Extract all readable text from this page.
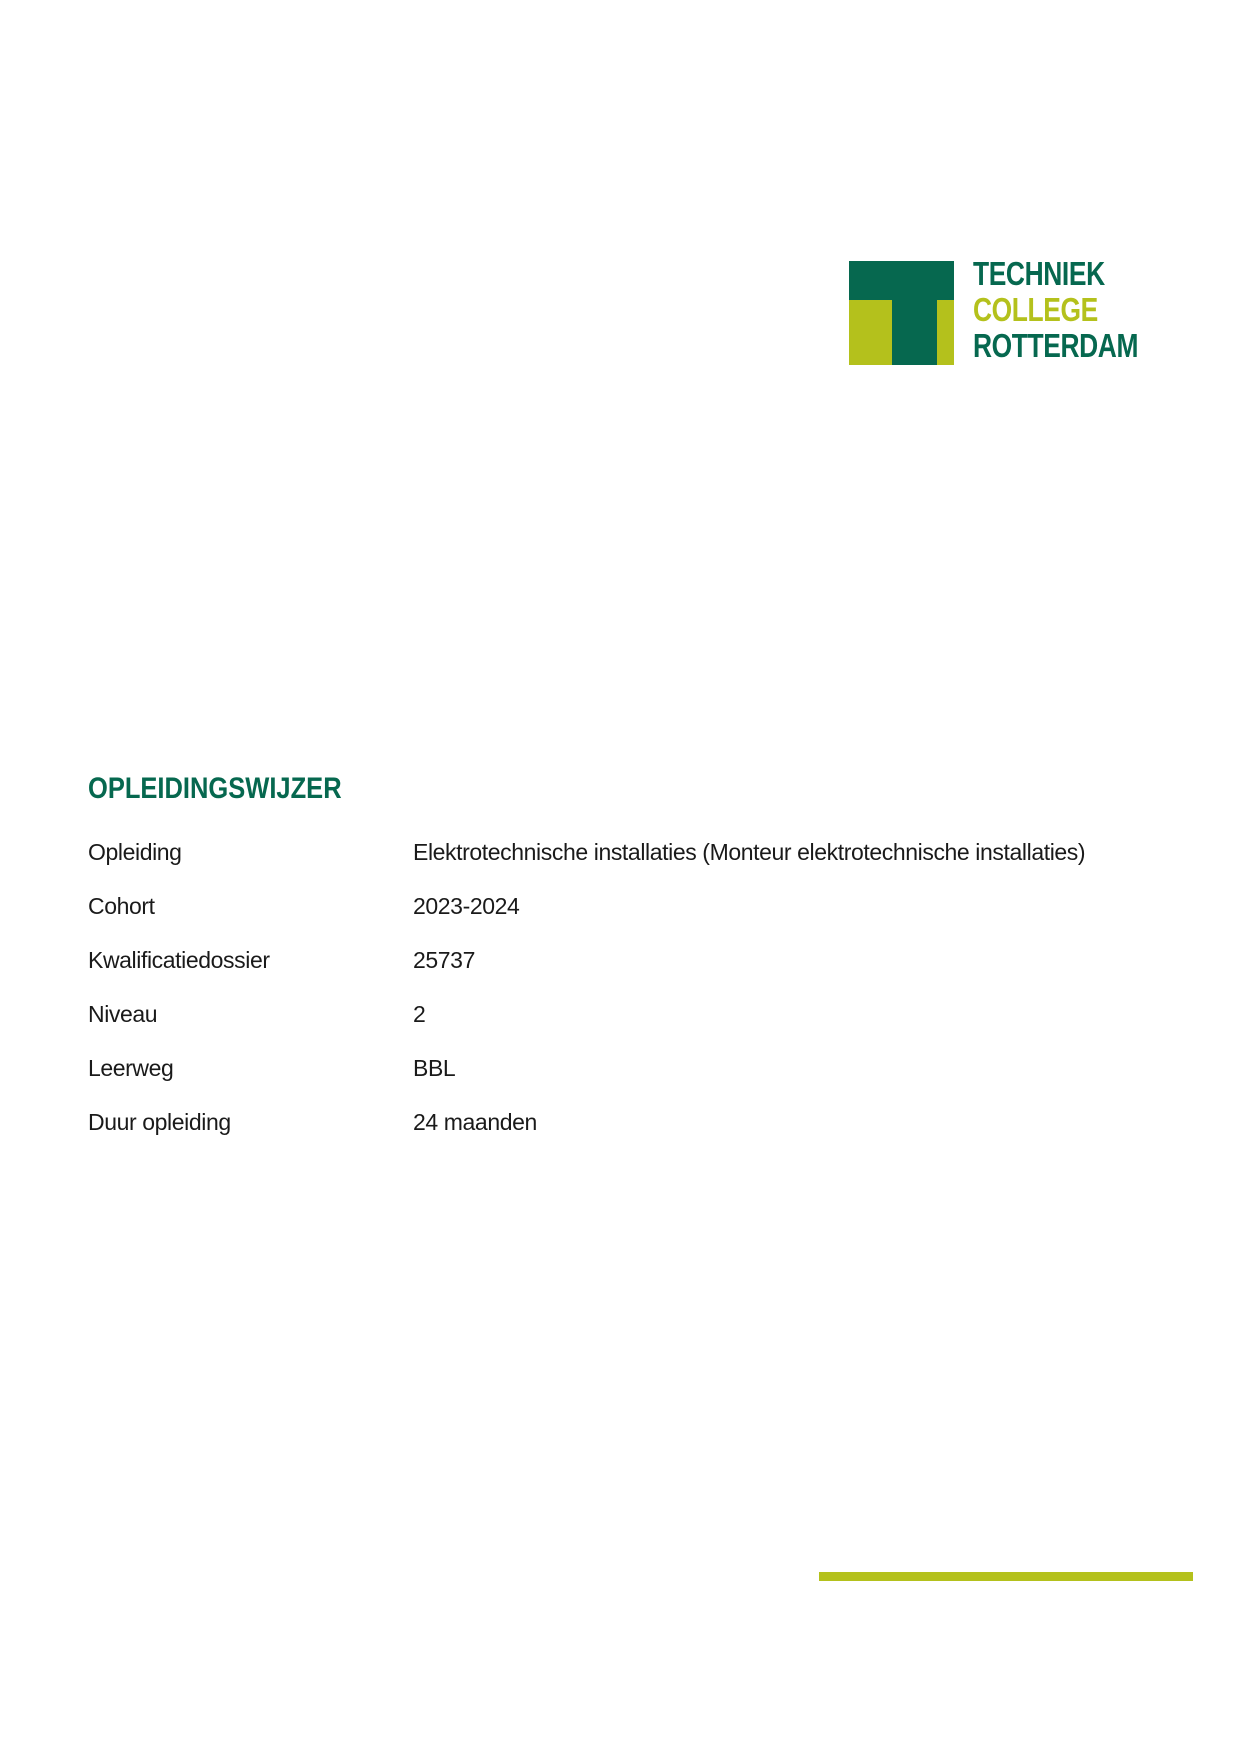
TECHNIEK
COLLEGE
ROTTERDAM
OPLEIDINGSWIJZER
Opleiding	Elektrotechnische installaties (Monteur elektrotechnische installaties)
Cohort	2023-2024
Kwalificatiedossier	25737
Niveau	2
Leerweg	BBL
Duur opleiding	24 maanden
